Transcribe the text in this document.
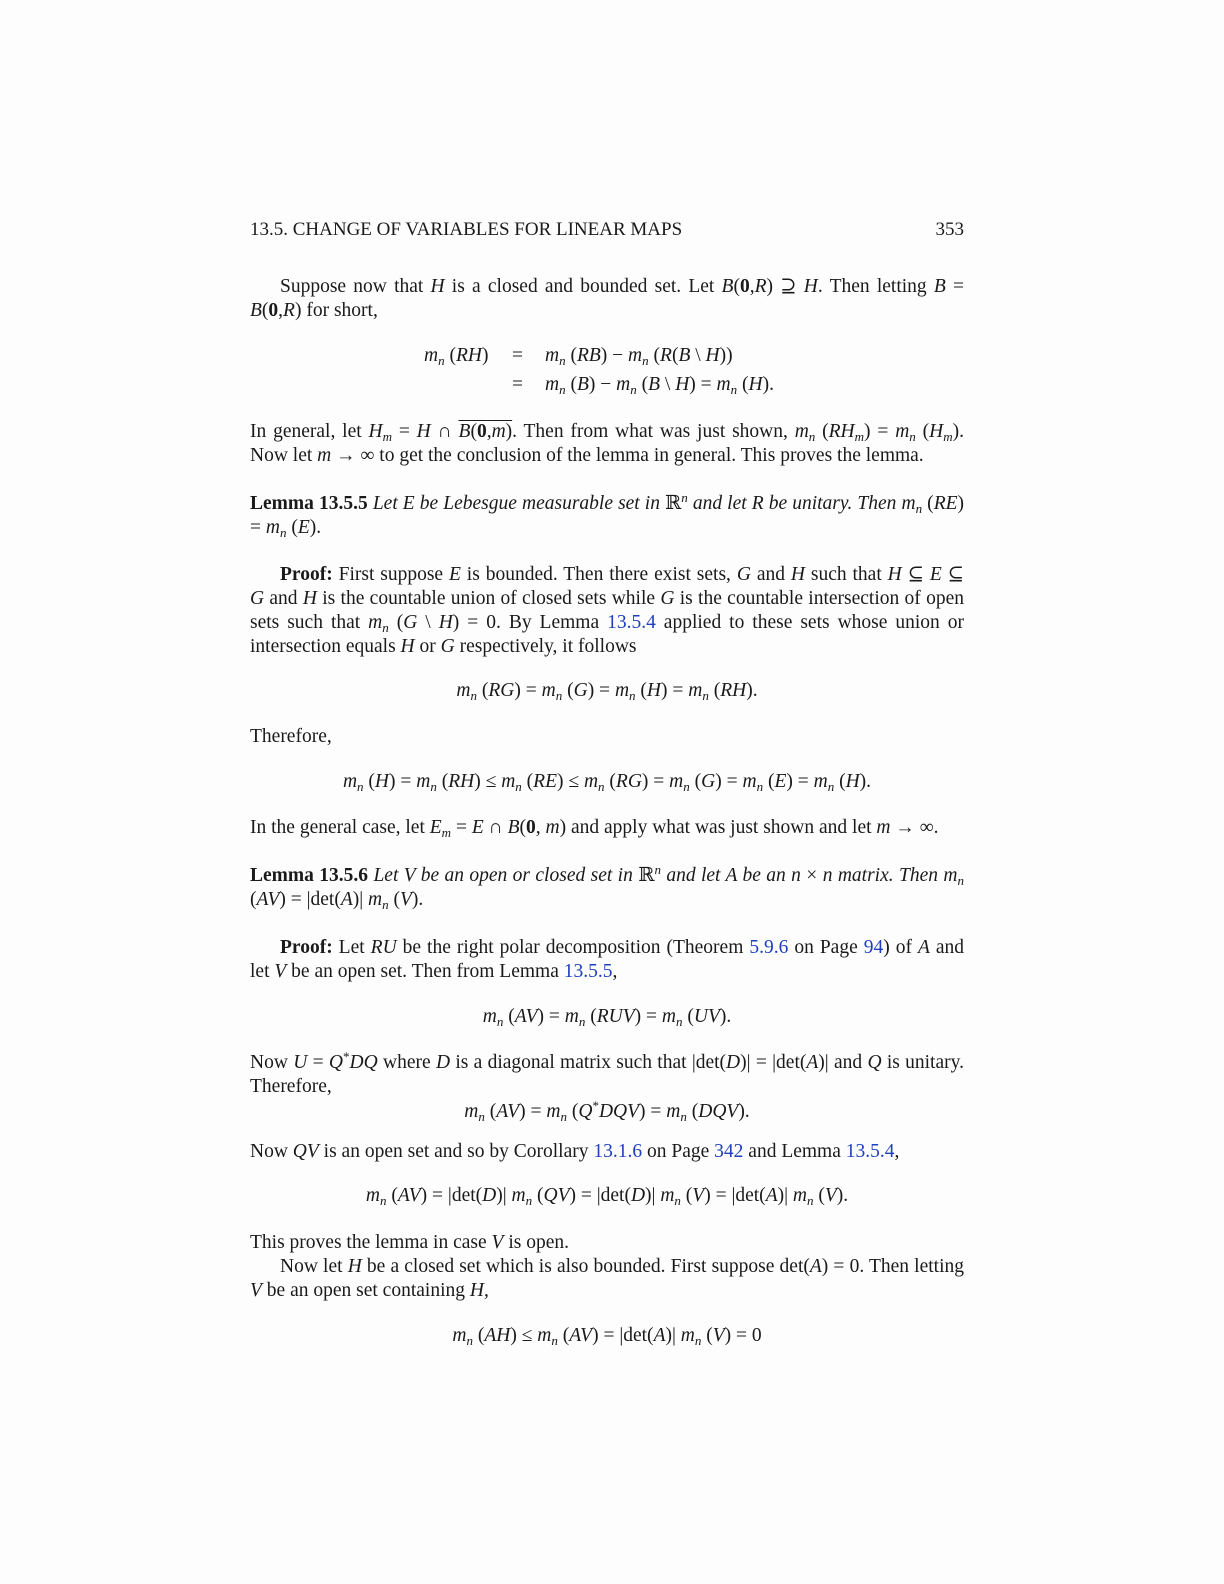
13.5. CHANGE OF VARIABLES FOR LINEAR MAPS	353
Suppose now that H is a closed and bounded set. Let B(0,R) ⊇ H. Then letting B = B(0,R) for short,
$m_n$ $(RH) = m_n$ $(RB) - m_n$ (R(B \ H))
= $m_n$ $(B) - m_n$ (B \ $H) = m_n$ (H).
In general, let $H_m = H$ ∩ B(0,m). Then from what was just shown, $m_n$ $(RH_m) = m_n$ $(H_m)$. Now let m → ∞ to get the conclusion of the lemma in general. This proves the lemma.
Lemma 13.5.5 Let E be Lebesgue measurable set in ℝ$^n$ and let R be unitary. Then $m_n$ $(RE) = m_n$ (E).
Proof: First suppose E is bounded. Then there exist sets, G and H such that H ⊆ E ⊆ G and H is the countable union of closed sets while G is the countable intersection of open sets such that $m_n$ (G \ H) = 0. By Lemma 13.5.4 applied to these sets whose union or intersection equals H or G respectively, it follows
$m_n$ $(RG) = m_n$ $(G) = m_n$ $(H) = m_n$ (RH).
Therefore,
$m_n$ $(H) = m_n$ $(RH) \le m_n$ $(RE) \le m_n$ $(RG) = m_n$ $(G) = m_n$ $(E) = m_n$ (H).
In the general case, let $E_m = E$ ∩ B(0, m) and apply what was just shown and let m → ∞.
Lemma 13.5.6 Let V be an open or closed set in ℝ$^n$ and let A be an n × n matrix. Then $m_n$ (AV) = |det(A)| $m_n$ (V).
Proof: Let RU be the right polar decomposition (Theorem 5.9.6 on Page 94) of A and let V be an open set. Then from Lemma 13.5.5,
$m_n$ $(AV) = m_n$ $(RUV) = m_n$ (UV).
Now U = Q*DQ where D is a diagonal matrix such that |det(D)| = |det(A)| and Q is unitary. Therefore,
$m_n$ $(AV) = m_n$ $(Q^*DQV) = m_n$ (DQV).
Now QV is an open set and so by Corollary 13.1.6 on Page 342 and Lemma 13.5.4,
$m_n$ (AV) = |det(D)| $m_n$ (QV) = |det(D)| $m_n$ (V) = |det(A)| $m_n$ (V).
This proves the lemma in case V is open.
Now let H be a closed set which is also bounded. First suppose det(A) = 0. Then letting V be an open set containing H,
$m_n$ $(AH) \le m_n$ (AV) = |det(A)| $m_n$ (V) = 0
